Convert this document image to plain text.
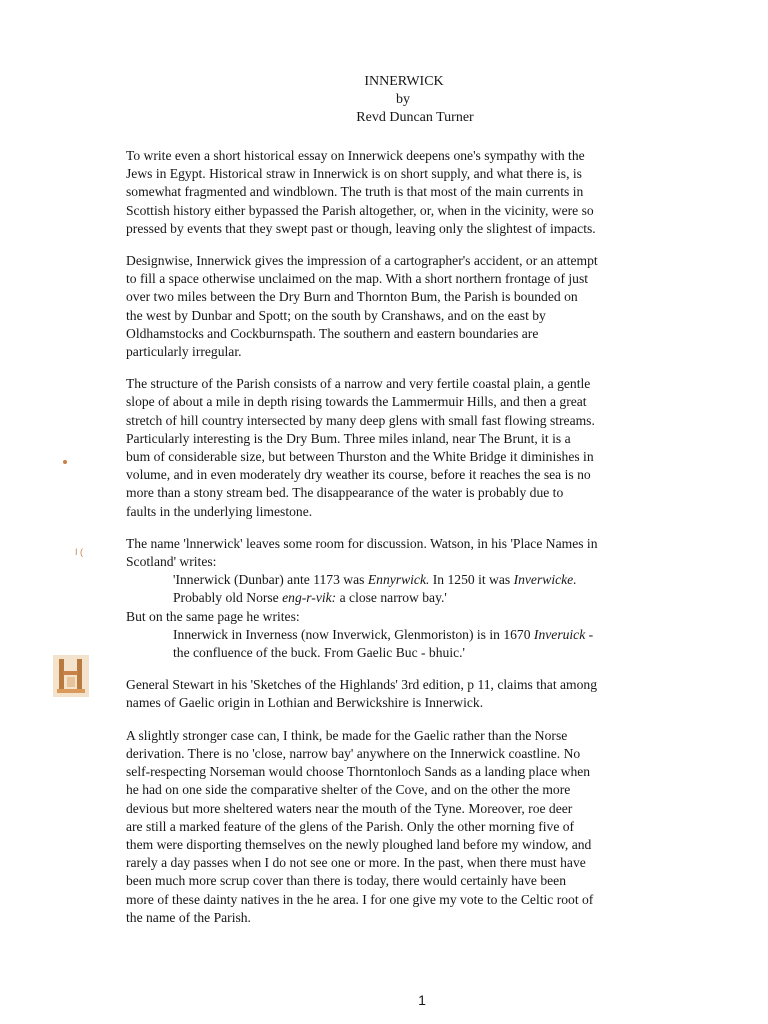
INNERWICK
by
Revd Duncan Turner
I (

To write even a short historical essay on Innerwick deepens one's sympathy with the
Jews in Egypt. Historical straw in Innerwick is on short supply, and what there is, is
somewhat fragmented and windblown. The truth is that most of the main currents in
Scottish history either bypassed the Parish altogether, or, when in the vicinity, were so
pressed by events that they swept past or though, leaving only the slightest of impacts.

Designwise, Innerwick gives the impression of a cartographer's accident, or an attempt
to fill a space otherwise unclaimed on the map. With a short northern frontage of just
over two miles between the Dry Burn and Thornton Bum, the Parish is bounded on
the west by Dunbar and Spott; on the south by Cranshaws, and on the east by
Oldhamstocks and Cockburnspath. The southern and eastern boundaries are
particularly irregular.

The structure of the Parish consists of a narrow and very fertile coastal plain, a gentle
slope of about a mile in depth rising towards the Lammermuir Hills, and then a great
stretch of hill country intersected by many deep glens with small fast flowing streams.
Particularly interesting is the Dry Bum. Three miles inland, near The Brunt, it is a
bum of considerable size, but between Thurston and the White Bridge it diminishes in
volume, and in even moderately dry weather its course, before it reaches the sea is no
more than a stony stream bed. The disappearance of the water is probably due to
faults in the underlying limestone.

The name 'lnnerwick' leaves some room for discussion. Watson, in his 'Place Names in
Scotland' writes:
'Innerwick (Dunbar) ante 1173 was Ennyrwick. In 1250 it was Inverwicke.
Probably old Norse eng-r-vik: a close narrow bay.'
But on the same page he writes:
Innerwick in Inverness (now Inverwick, Glenmoriston) is in 1670 Inveruick -
the confluence of the buck. From Gaelic Buc - bhuic.'

General Stewart in his 'Sketches of the Highlands' 3rd edition, p 11, claims that among
names of Gaelic origin in Lothian and Berwickshire is Innerwick.

A slightly stronger case can, I think, be made for the Gaelic rather than the Norse
derivation. There is no 'close, narrow bay' anywhere on the Innerwick coastline. No
self-respecting Norseman would choose Thorntonloch Sands as a landing place when
he had on one side the comparative shelter of the Cove, and on the other the more
devious but more sheltered waters near the mouth of the Tyne. Moreover, roe deer
are still a marked feature of the glens of the Parish. Only the other morning five of
them were disporting themselves on the newly ploughed land before my window, and
rarely a day passes when I do not see one or more. In the past, when there must have
been much more scrup cover than there is today, there would certainly have been
more of these dainty natives in the he area. I for one give my vote to the Celtic root of
the name of the Parish.

1
